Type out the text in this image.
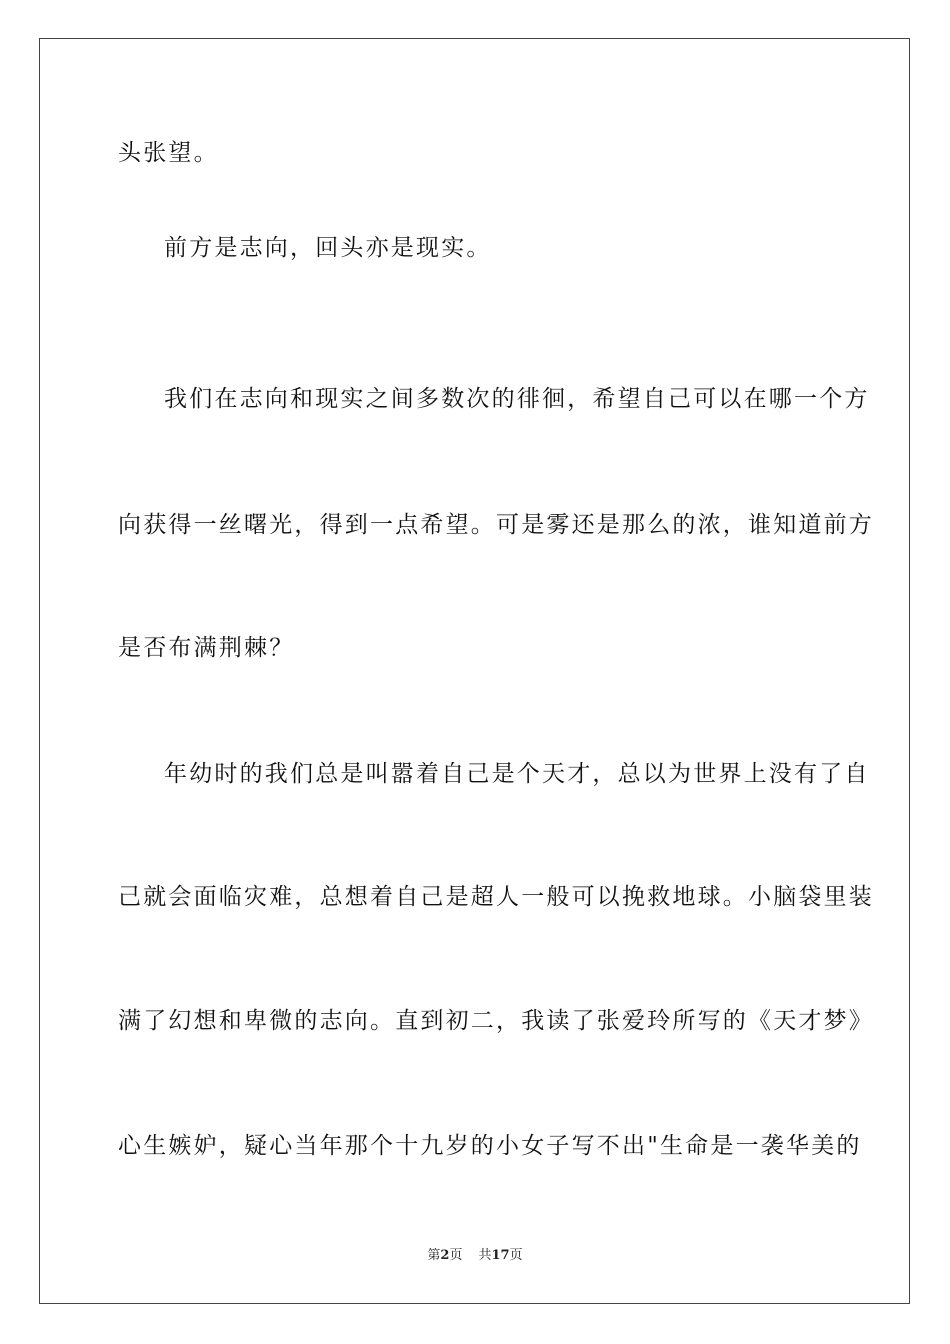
头张望。
前方是志向，回头亦是现实。
我们在志向和现实之间多数次的徘徊，希望自己可以在哪一个方
向获得一丝曙光，得到一点希望。可是雾还是那么的浓，谁知道前方
是否布满荆棘？
年幼时的我们总是叫嚣着自己是个天才，总以为世界上没有了自
己就会面临灾难，总想着自己是超人一般可以挽救地球。小脑袋里装
满了幻想和卑微的志向。直到初二，我读了张爱玲所写的《天才梦》
心生嫉妒，疑心当年那个十九岁的小女子写不出"生命是一袭华美的
第2页 共17页
